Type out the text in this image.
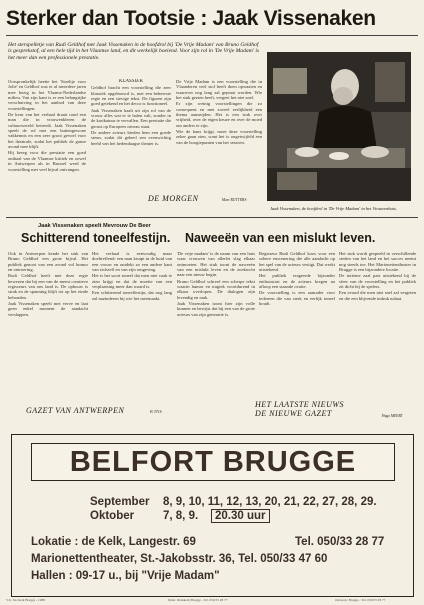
Sterker dan Tootsie : Jaak Vissenaken
Het sterspelletje van Rudi Geldhof met Jaak Vissenaken in de hoofdrol bij 'De Vrije Madam' van Bruno Geldhof is gesprekstof, al een hele tijd in het Vlaamse land, en dit werkelijk boeiend. Voor zijn rol in 'De Vrije Madam' is het meer dan een professionele prestatie.

Oorspronkelijk heette het 'Stoeltje voor Jolie' en Geldhof was er al meerdere jaren mee bezig in het Vlaams-Nederlandse milieu. Van zijn kant is er een belangrijke verschuiving in het aanbod van deze voorstellingen.

De kern van het verhaal draait rond een man die in vrouwenkleren de cultuurwereld betreedt. Jaak Vissenaken speelt de rol met een buitengewone vakkennis en een zeer groot gevoel voor het theatrale, zodat het publiek de ganse avond mee blijft.

Hij kreeg voor die prestatie een goed onthaal van de Vlaamse kritiek en zowel in Antwerpen als in Brussel werd de voorstelling met veel bijval ontvangen.

KLASSIEK

Geldhof bracht een voorstelling die zeer klassiek opgebouwd is, met een beheerste regie en een stevige tekst. De figuren zijn goed getekend en het decor is functioneel.

Jaak Vissenaken haalt uit zijn rol van de vrouw alles wat er te halen valt, zonder in de karikatuur te vervallen. Een prestatie die gerust op Europees niveau staat.

De andere acteurs bieden hem een goede steun, zodat dit geheel een evenwichtig beeld van het hedendaagse theater is.

De Vrije Madam is een voorstelling die in Vlaanderen veel stof heeft doen opwaaien en waarover nog lang zal gepraat worden. Wie het stuk gezien heeft, vergeet het niet snel.

Er zijn weinig voorstellingen die zo consequent en met zoveel eerlijkheid een thema aansnijden. Het is een stuk over vrijheid, over de eigen keuze en over de moed om anders te zijn.

Wie de kans krijgt, moet deze voorstelling zeker gaan zien, want het is ongetwijfeld een van de hoogtepunten van het seizoen.

DE MORGEN	Marc RUTTERS
Jaak Vissenaken, de hoofdrol in 'De Vrije Madam' in het Vrouwenhuis.
Jaak Vissenaken speelt Mevrouw De Beer
Schitterend toneelfestijn.

Ook in Antwerpen kende het stuk van Bruno Geldhof een grote bijval. Het publiek genoot van een avond vol humor en ontroering.

Rudi Geldhof heeft met deze regie bewezen dat hij een van de meest creatieve regisseurs van ons land is. De opbouw is strak en de spanning blijft tot op het einde behouden.

Jaak Vissenaken speelt met verve en laat geen enkel moment de aandacht verslappen.

Het verhaal is eenvoudig maar doeltreffend: een man kruipt in de huid van een vrouw en ontdekt zo een andere kant van zichzelf en van zijn omgeving.

Het is het soort toneel dat men niet vaak te zien krijgt en dat de moeite van een verplaatsing meer dan waard is.

Een schitterend toneelfestijn, dat nog lang zal nazinderen bij wie het meemaakt.

GAZET VAN ANTWERPEN	H. NYS
Naweeën van een mislukt leven.

'De vrije madam' is de naam van een huis waar vrouwen van allerlei slag elkaar ontmoeten. Het stuk toont de naweeën van een mislukt leven en de zoektocht naar een nieuw begin.

Bruno Geldhof schreef een scherpe tekst waarin humor en tragiek voortdurend in elkaar overlopen. De dialogen zijn levendig en raak.

Jaak Vissenaken toont hier zijn volle kunnen en bewijst dat hij een van de grote acteurs van zijn generatie is.

Regisseur Rudi Geldhof koos voor een sobere enscenering die alle aandacht op het spel van de acteurs vestigt. Dat werkt uitstekend.

Het publiek reageerde bijzonder enthousiast en de acteurs kregen na afloop een staande ovatie.

De voorstelling is een aanrader voor iedereen die van sterk en eerlijk toneel houdt.

Het stuk wordt gespeeld in verschillende steden van het land en het succes neemt nog steeds toe. Het Marionettentheater in Brugge is een bijzondere locatie.

De intieme zaal past uitstekend bij de sfeer van de voorstelling en het publiek zit dicht bij de spelers.

Een avond die men niet snel zal vergeten en die een blijvende indruk nalaat.

HET LAATSTE NIEUWS
DE NIEUWE GAZET	Hugo MEERT
BELFORT BRUGGE
September 8, 9, 10, 11, 12, 13, 20, 21, 22, 27, 28, 29.
Oktober	7, 8, 9.	20.30 uur
Lokatie : de Kelk, Langestr. 69	Tel. 050/33 28 77
Marionettentheater, St.-Jakobsstr. 36, Tel. 050/33 47 60
Hallen : 09-17 u., bij "Vrije Madam"
V.U. De Kelk Brugge - 1988	Druk: Drukkerij Brugge - Tel. 050/33 28 77	Ontwerp: Brugge - Tel. 050/33 28 77
